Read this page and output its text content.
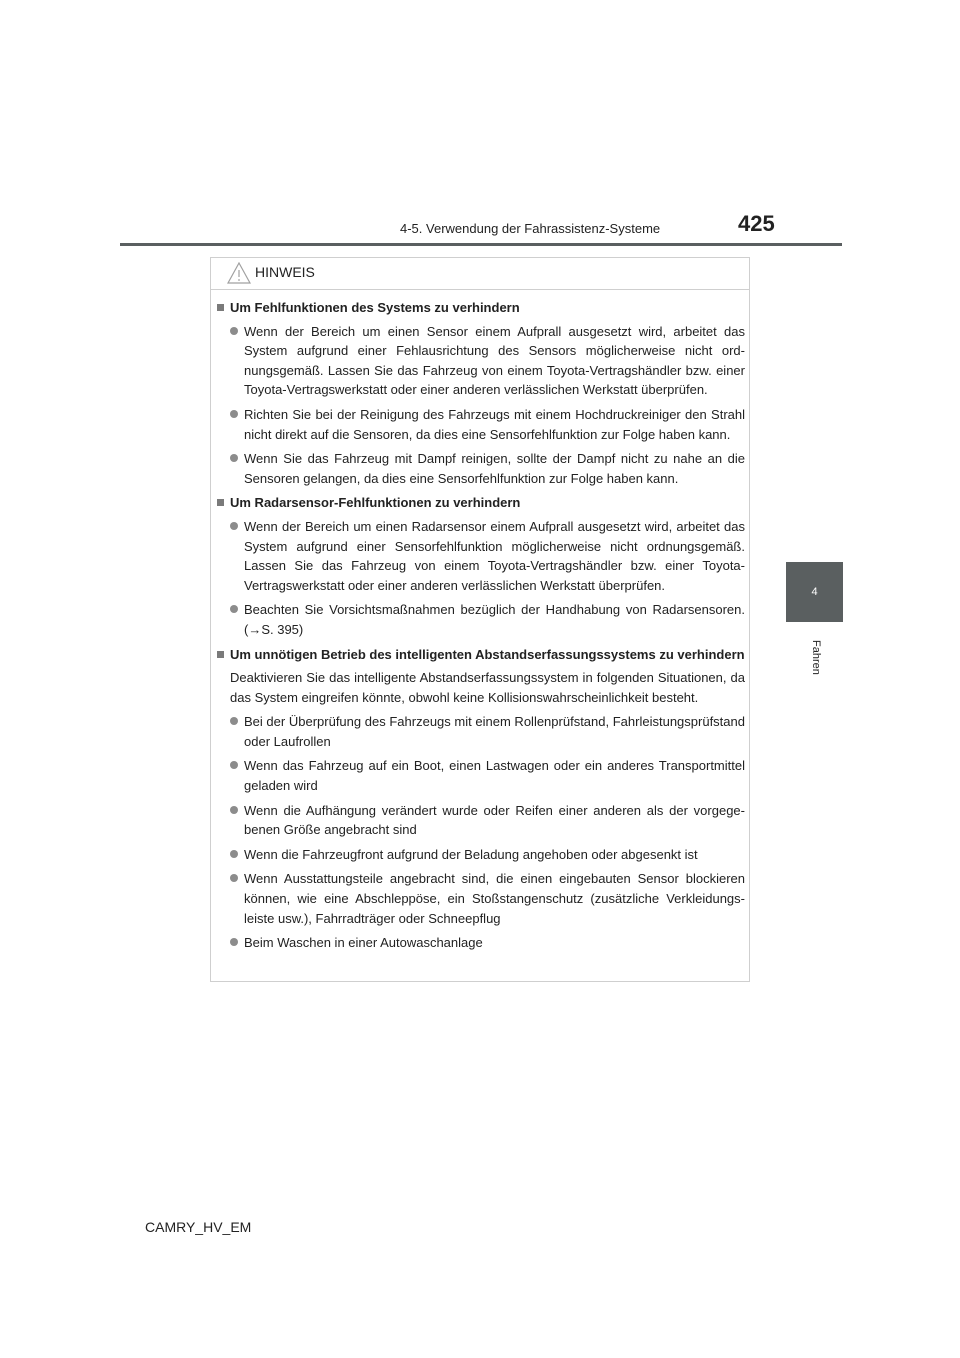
4-5. Verwendung der Fahrassistenz-Systeme	425
4
Fahren
HINWEIS
Um Fehlfunktionen des Systems zu verhindern
Wenn der Bereich um einen Sensor einem Aufprall ausgesetzt wird, arbeitet das System aufgrund einer Fehlausrichtung des Sensors möglicherweise nicht ordnungsgemäß. Lassen Sie das Fahrzeug von einem Toyota-Vertragshändler bzw. einer Toyota-Vertragswerkstatt oder einer anderen verlässlichen Werkstatt überprüfen.
Richten Sie bei der Reinigung des Fahrzeugs mit einem Hochdruckreiniger den Strahl nicht direkt auf die Sensoren, da dies eine Sensorfehlfunktion zur Folge haben kann.
Wenn Sie das Fahrzeug mit Dampf reinigen, sollte der Dampf nicht zu nahe an die Sensoren gelangen, da dies eine Sensorfehlfunktion zur Folge haben kann.
Um Radarsensor-Fehlfunktionen zu verhindern
Wenn der Bereich um einen Radarsensor einem Aufprall ausgesetzt wird, arbeitet das System aufgrund einer Sensorfehlfunktion möglicherweise nicht ordnungsgemäß. Lassen Sie das Fahrzeug von einem Toyota-Vertragshändler bzw. einer Toyota-Vertragswerkstatt oder einer anderen verlässlichen Werkstatt überprüfen.
Beachten Sie Vorsichtsmaßnahmen bezüglich der Handhabung von Radarsensoren. (→S. 395)
Um unnötigen Betrieb des intelligenten Abstandserfassungssystems zu verhindern
Deaktivieren Sie das intelligente Abstandserfassungssystem in folgenden Situationen, da das System eingreifen könnte, obwohl keine Kollisionswahrscheinlichkeit besteht.
Bei der Überprüfung des Fahrzeugs mit einem Rollenprüfstand, Fahrleistungsprüfstand oder Laufrollen
Wenn das Fahrzeug auf ein Boot, einen Lastwagen oder ein anderes Transportmittel geladen wird
Wenn die Aufhängung verändert wurde oder Reifen einer anderen als der vorgegebenen Größe angebracht sind
Wenn die Fahrzeugfront aufgrund der Beladung angehoben oder abgesenkt ist
Wenn Ausstattungsteile angebracht sind, die einen eingebauten Sensor blockieren können, wie eine Abschleppöse, ein Stoßstangenschutz (zusätzliche Verkleidungsleiste usw.), Fahrradträger oder Schneepflug
Beim Waschen in einer Autowaschanlage
CAMRY_HV_EM
